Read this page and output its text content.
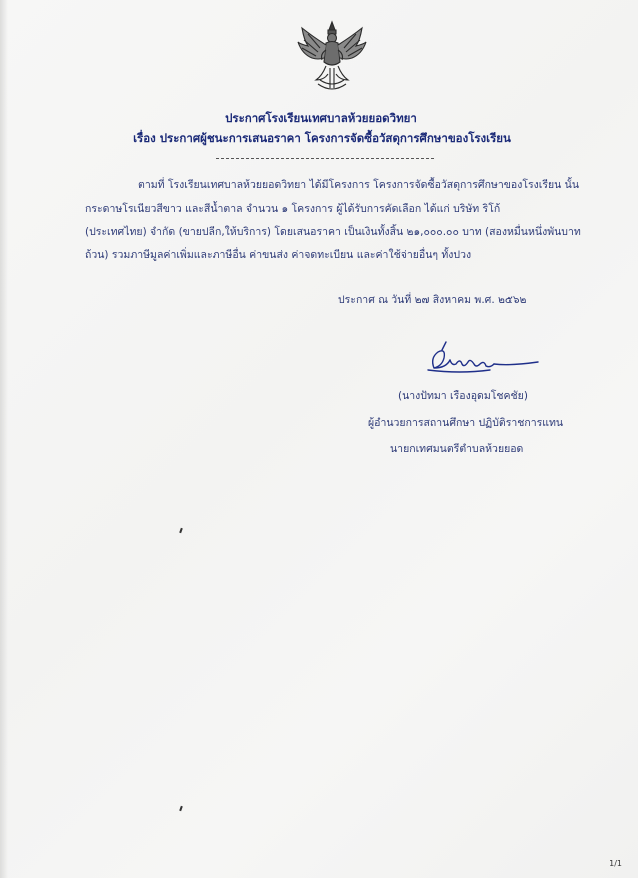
ประกาศโรงเรียนเทศบาลห้วยยอดวิทยา
เรื่อง ประกาศผู้ชนะการเสนอราคา โครงการจัดซื้อวัสดุการศึกษาของโรงเรียน
ตามที่ โรงเรียนเทศบาลห้วยยอดวิทยา ได้มีโครงการ โครงการจัดซื้อวัสดุการศึกษาของโรงเรียน นั้น
กระดาษโรเนียวสีขาว และสีน้ำตาล จำนวน ๑ โครงการ ผู้ได้รับการคัดเลือก ได้แก่ บริษัท ริโก้
(ประเทศไทย) จำกัด (ขายปลีก,ให้บริการ) โดยเสนอราคา เป็นเงินทั้งสิ้น ๒๑,๐๐๐.๐๐ บาท (สองหมื่นหนึ่งพันบาท
ถ้วน) รวมภาษีมูลค่าเพิ่มและภาษีอื่น ค่าขนส่ง ค่าจดทะเบียน และค่าใช้จ่ายอื่นๆ ทั้งปวง
ประกาศ ณ วันที่ ๒๗ สิงหาคม พ.ศ. ๒๕๖๒
(นางปัทมา เรืองอุดมโชคชัย)
ผู้อำนวยการสถานศึกษา ปฏิบัติราชการแทน
นายกเทศมนตรีตำบลห้วยยอด
1/1
